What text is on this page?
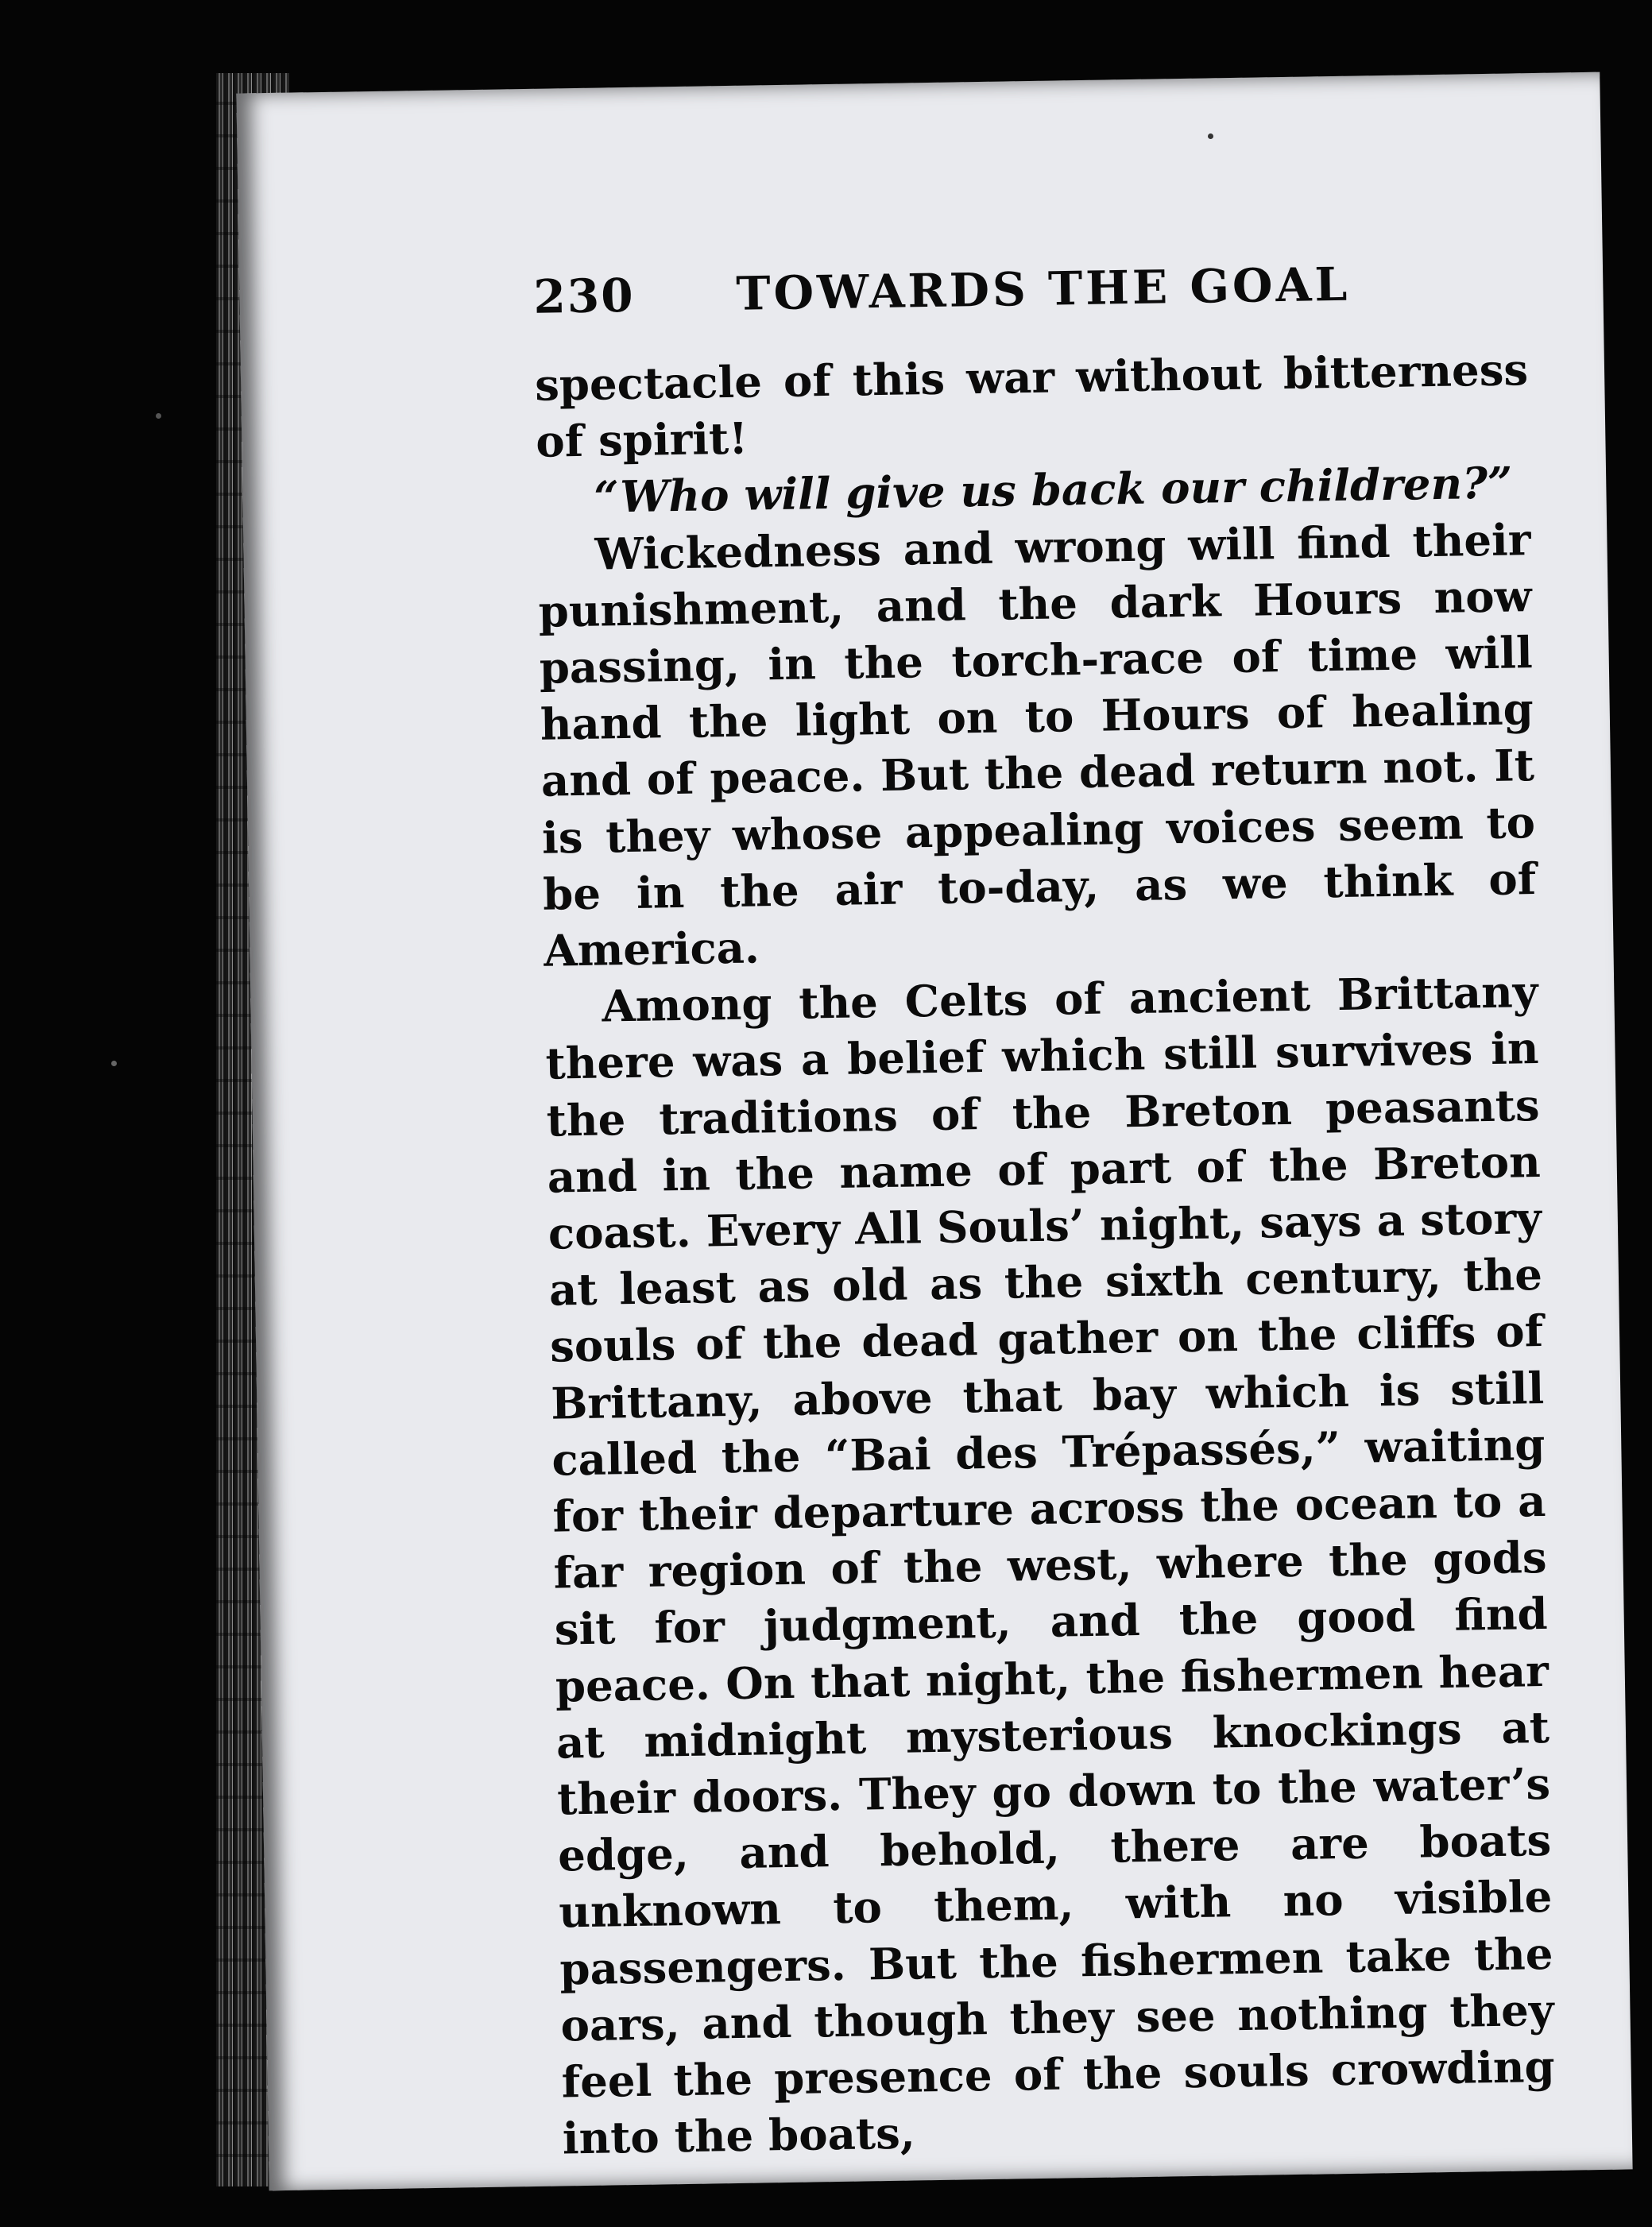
230 TOWARDS THE GOAL

spectacle of this war without bitterness of spirit!

“Who will give us back our children?”

Wickedness and wrong will find their punishment, and the dark Hours now passing, in the torch-race of time will hand the light on to Hours of healing and of peace. But the dead return not. It is they whose appealing voices seem to be in the air to-day, as we think of America.

Among the Celts of ancient Brittany there was a belief which still survives in the traditions of the Breton peasants and in the name of part of the Breton coast. Every All Souls’ night, says a story at least as old as the sixth century, the souls of the dead gather on the cliffs of Brittany, above that bay which is still called the “Bai des Trépassés,” waiting for their departure across the ocean to a far region of the west, where the gods sit for judgment, and the good find peace. On that night, the fishermen hear at midnight mysterious knockings at their doors. They go down to the water’s edge, and behold, there are boats unknown to them, with no visible passengers. But the fishermen take the oars, and though they see nothing they feel the presence of the souls crowding into the boats,
